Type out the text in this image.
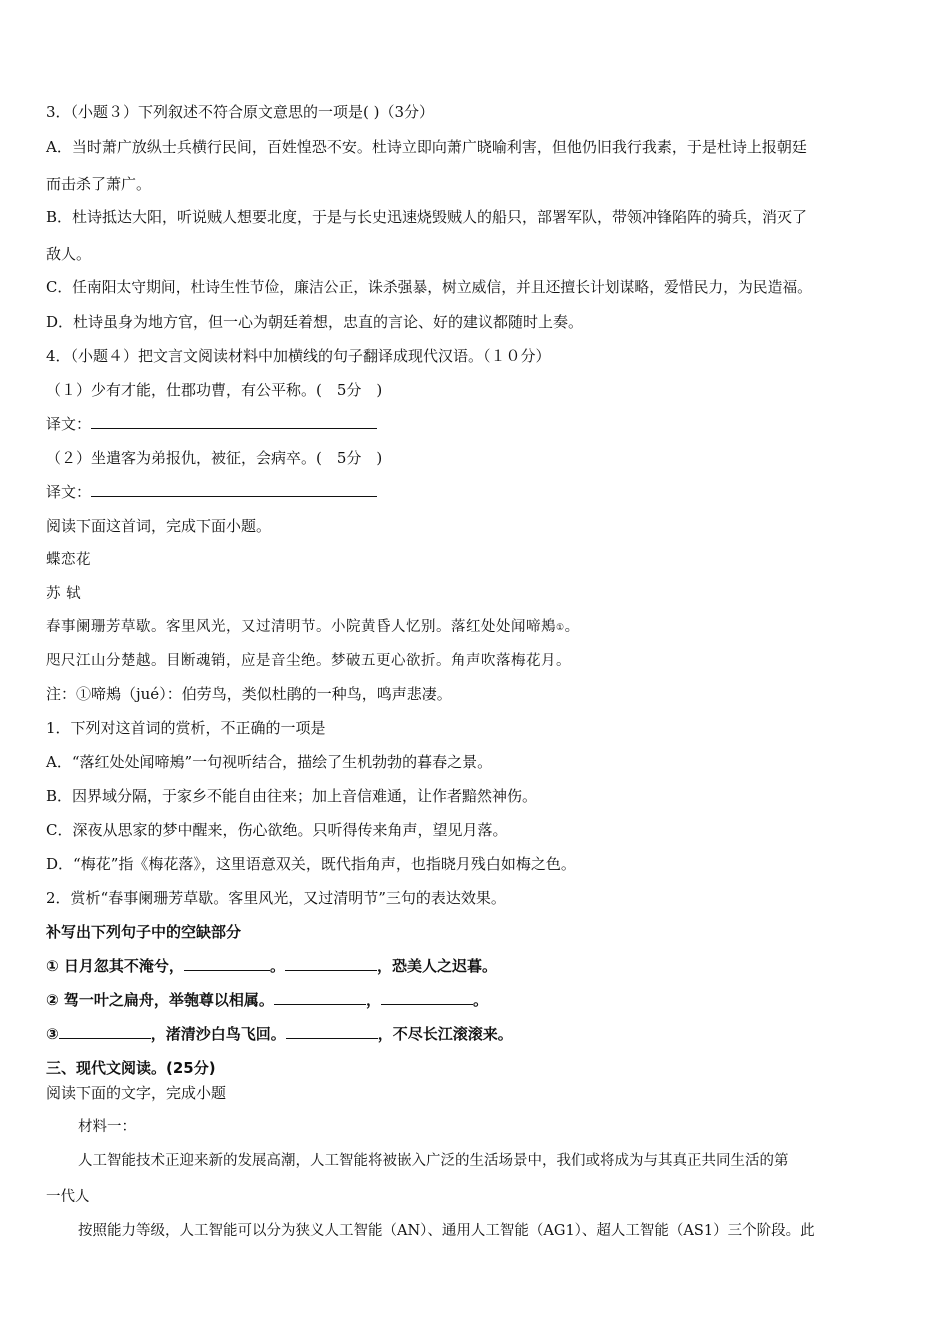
3．（小题３）下列叙述不符合原文意思的一项是( )（3分）
A．当时萧广放纵士兵横行民间，百姓惶恐不安。杜诗立即向萧广晓喻利害，但他仍旧我行我素，于是杜诗上报朝廷
而击杀了萧广。
B．杜诗抵达大阳，听说贼人想要北度，于是与长史迅速烧毁贼人的船只，部署军队，带领冲锋陷阵的骑兵，消灭了
敌人。
C．任南阳太守期间，杜诗生性节俭，廉洁公正，诛杀强暴，树立威信，并且还擅长计划谋略，爱惜民力，为民造福。
D．杜诗虽身为地方官，但一心为朝廷着想，忠直的言论、好的建议都随时上奏。
4．（小题４）把文言文阅读材料中加横线的句子翻译成现代汉语。（１０分）
（１）少有才能，仕郡功曹，有公平称。(　5分　)
译文：
（２）坐遣客为弟报仇，被征，会病卒。(　5分　)
译文：
阅读下面这首词，完成下面小题。
蝶恋花
苏 轼
春事阑珊芳草歇。客里风光，又过清明节。小院黄昏人忆别。落红处处闻啼鴂①。
咫尺江山分楚越。目断魂销，应是音尘绝。梦破五更心欲折。角声吹落梅花月。
注：①啼鴂（jué）：伯劳鸟，类似杜鹃的一种鸟，鸣声悲凄。
1．下列对这首词的赏析，不正确的一项是
A．“落红处处闻啼鴂”一句视听结合，描绘了生机勃勃的暮春之景。
B．因界域分隔，于家乡不能自由往来；加上音信难通，让作者黯然神伤。
C．深夜从思家的梦中醒来，伤心欲绝。只听得传来角声，望见月落。
D．“梅花”指《梅花落》，这里语意双关，既代指角声，也指晓月残白如梅之色。
2．赏析“春事阑珊芳草歇。客里风光，又过清明节”三句的表达效果。
补写出下列句子中的空缺部分
① 日月忽其不淹兮，	。	，恐美人之迟暮。
② 驾一叶之扁舟，举匏尊以相属。	，	。
③	，渚清沙白鸟飞回。	，不尽长江滚滚来。
三、现代文阅读。(25分)
阅读下面的文字，完成小题
材料一：
人工智能技术正迎来新的发展高潮，人工智能将被嵌入广泛的生活场景中，我们或将成为与其真正共同生活的第
一代人
按照能力等级，人工智能可以分为狭义人工智能（AN）、通用人工智能（AG1）、超人工智能（AS1）三个阶段。此
